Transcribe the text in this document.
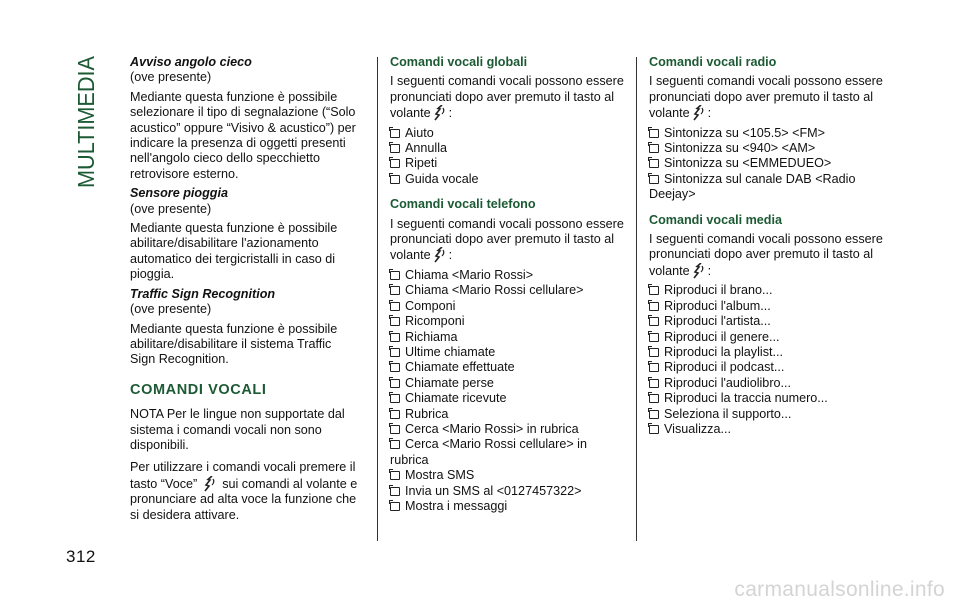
MULTIMEDIA Avviso angolo cieco

(ove presente)

Mediante questa funzione è possibile selezionare il tipo di segnalazione (“Solo acustico” oppure “Visivo & acustico”) per indicare la presenza di oggetti presenti nell'angolo cieco dello specchietto retrovisore esterno.

Sensore pioggia

(ove presente)

Mediante questa funzione è possibile abilitare/disabilitare l'azionamento automatico dei tergicristalli in caso di pioggia.

Traffic Sign Recognition

(ove presente)

Mediante questa funzione è possibile abilitare/disabilitare il sistema Traffic Sign Recognition.

COMANDI VOCALI

NOTA Per le lingue non supportate dal sistema i comandi vocali non sono disponibili.

Per utilizzare i comandi vocali premere il tasto “Voce” sui comandi al volante e pronunciare ad alta voce la funzione che si desidera attivare.

Comandi vocali globali

I seguenti comandi vocali possono essere pronunciati dopo aver premuto il tasto al volante :

Aiuto
Annulla
Ripeti
Guida vocale
Comandi vocali telefono

I seguenti comandi vocali possono essere pronunciati dopo aver premuto il tasto al volante :

Chiama <Mario Rossi>
Chiama <Mario Rossi cellulare>
Componi
Ricomponi
Richiama
Ultime chiamate
Chiamate effettuate
Chiamate perse
Chiamate ricevute
Rubrica
Cerca <Mario Rossi> in rubrica
Cerca <Mario Rossi cellulare> in rubrica
Mostra SMS
Invia un SMS al <0127457322>
Mostra i messaggi
Comandi vocali radio

I seguenti comandi vocali possono essere pronunciati dopo aver premuto il tasto al volante :

Sintonizza su <105.5> <FM>
Sintonizza su <940> <AM>
Sintonizza su <EMMEDUEO>
Sintonizza sul canale DAB <Radio Deejay>
Comandi vocali media

I seguenti comandi vocali possono essere pronunciati dopo aver premuto il tasto al volante :

Riproduci il brano...
Riproduci l'album...
Riproduci l'artista...
Riproduci il genere...
Riproduci la playlist...
Riproduci il podcast...
Riproduci l'audiolibro...
Riproduci la traccia numero...
Seleziona il supporto...
Visualizza...
312
carmanualsonline.info
